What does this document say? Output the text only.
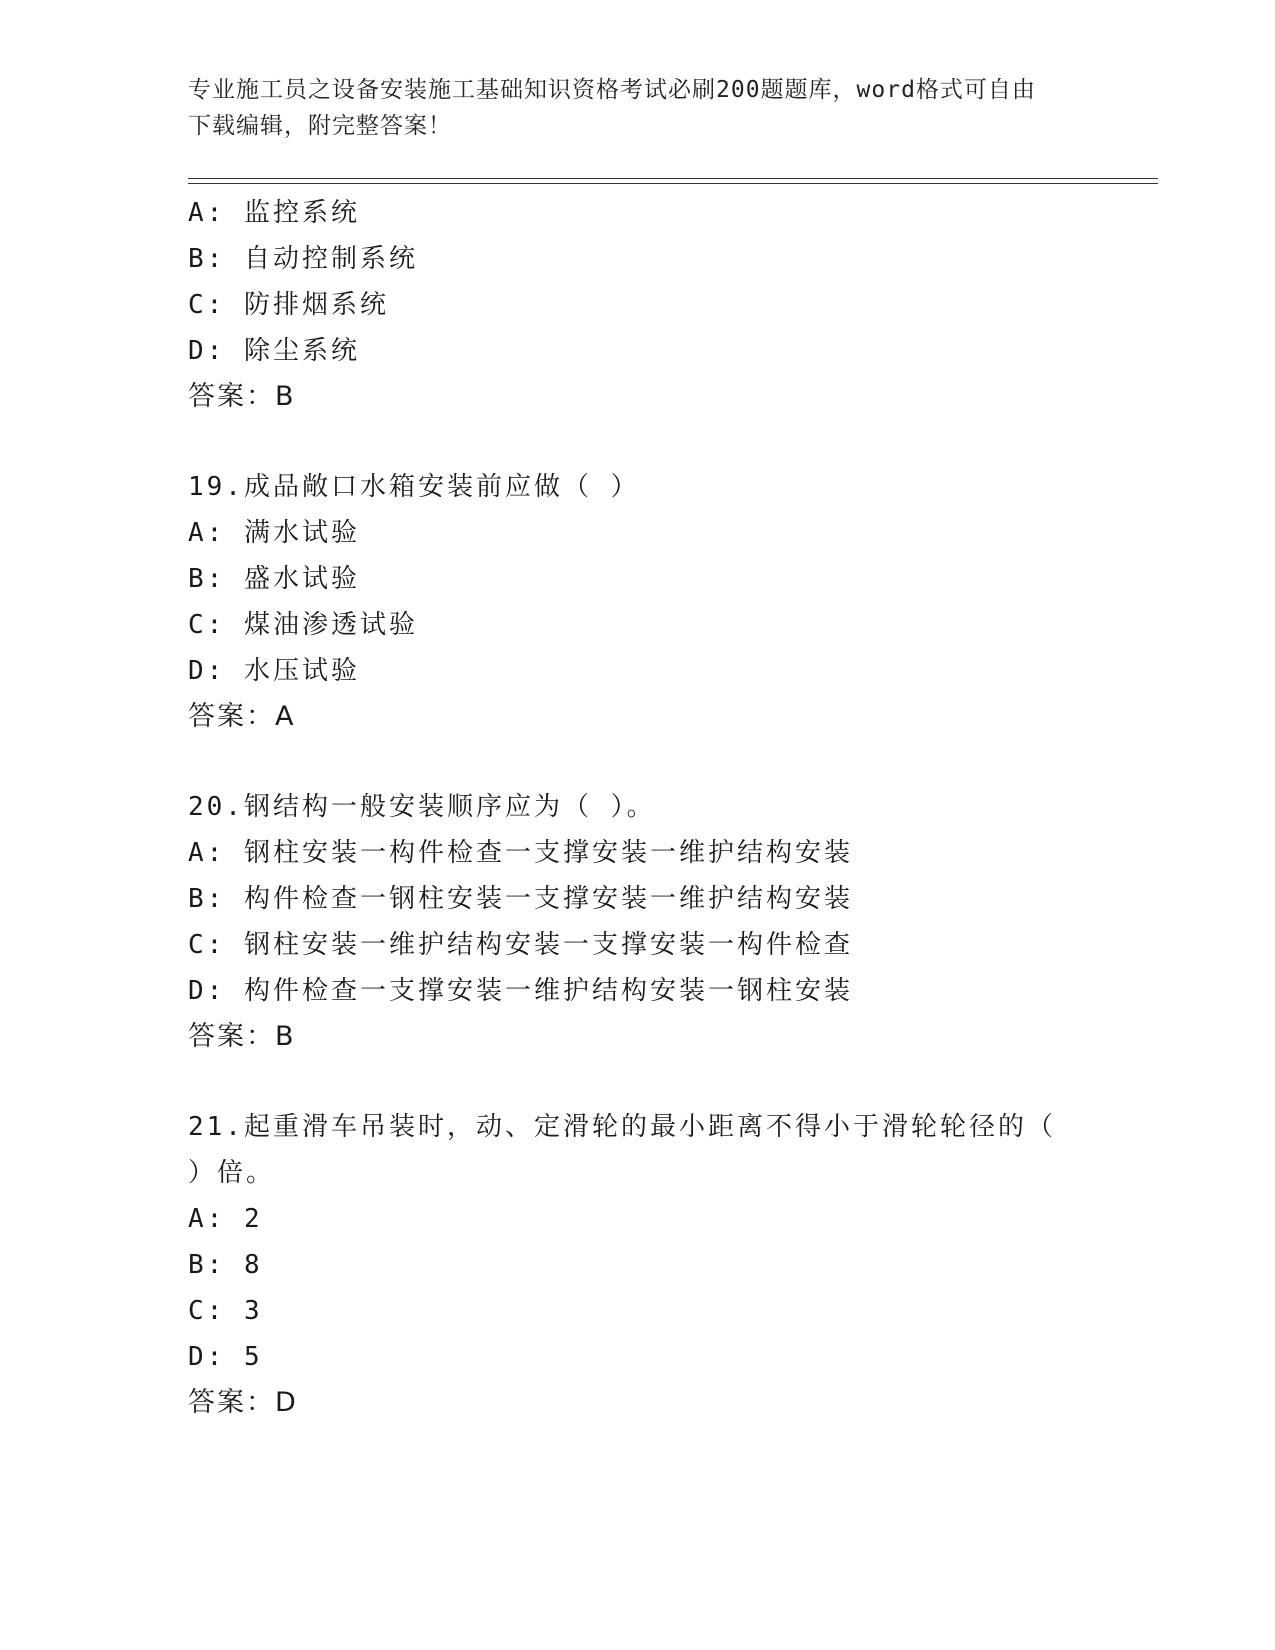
专业施工员之设备安装施工基础知识资格考试必刷200题题库，word格式可自由
下载编辑，附完整答案！
A: 监控系统
B: 自动控制系统
C: 防排烟系统
D: 除尘系统
答案：B
19.成品敞口水箱安装前应做（ ）
A: 满水试验
B: 盛水试验
C: 煤油渗透试验
D: 水压试验
答案：A
20.钢结构一般安装顺序应为（ ）。
A: 钢柱安装一构件检查一支撑安装一维护结构安装
B: 构件检查一钢柱安装一支撑安装一维护结构安装
C: 钢柱安装一维护结构安装一支撑安装一构件检查
D: 构件检查一支撑安装一维护结构安装一钢柱安装
答案：B
21.起重滑车吊装时，动、定滑轮的最小距离不得小于滑轮轮径的（
）倍。
A: 2
B: 8
C: 3
D: 5
答案：D
